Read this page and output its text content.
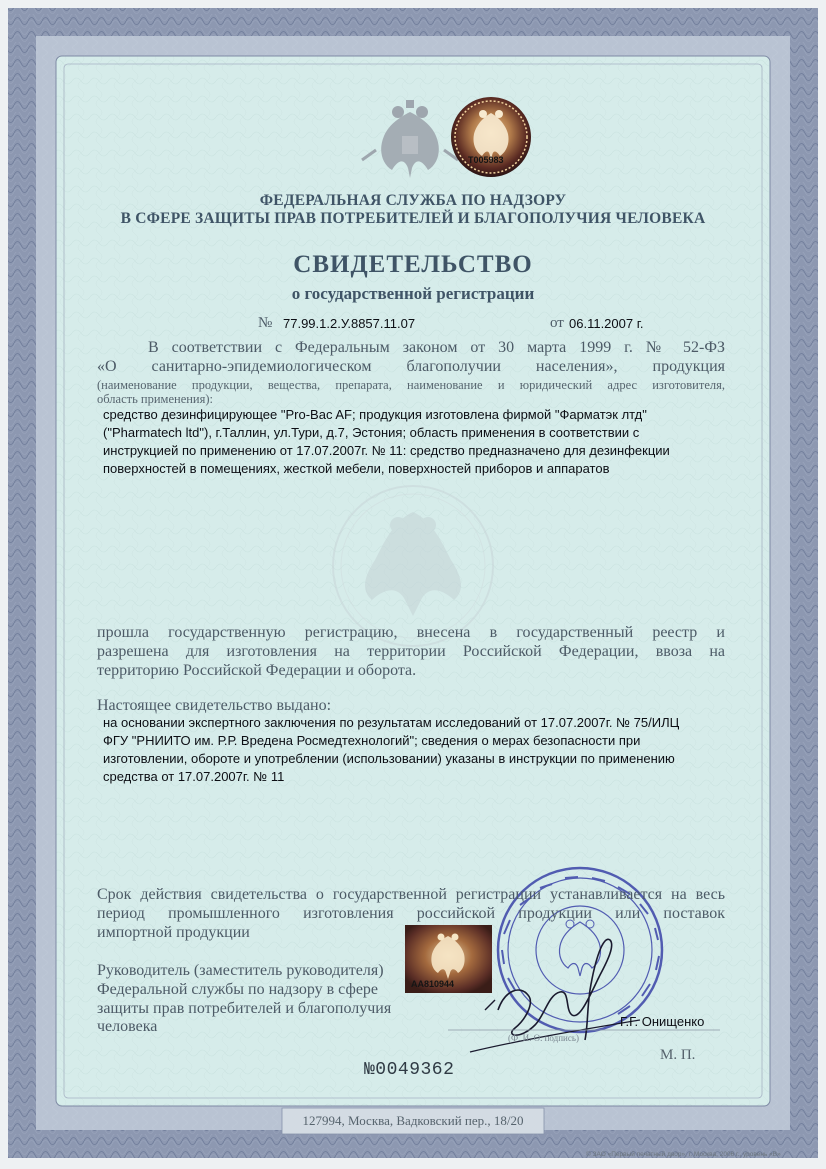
Т005983
АА810944
ФЕДЕРАЛЬНАЯ СЛУЖБА ПО НАДЗОРУ
В СФЕРЕ ЗАЩИТЫ ПРАВ ПОТРЕБИТЕЛЕЙ И БЛАГОПОЛУЧИЯ ЧЕЛОВЕКА
СВИДЕТЕЛЬСТВО
о государственной регистрации
№ 77.99.1.2.У.8857.11.07	от 06.11.2007 г.
В соответствии с Федеральным законом от 30 марта 1999 г. № 52-ФЗ
«О санитарно-эпидемиологическом благополучии населения», продукция
(наименование продукции, вещества, препарата, наименование и юридический адрес изготовителя,
область применения):
средство дезинфицирующее "Pro-Bac AF; продукция изготовлена фирмой "Фарматэк лтд"
("Pharmatech ltd"), г.Таллин, ул.Тури, д.7, Эстония; область применения в соответствии с
инструкцией по применению от 17.07.2007г. № 11: средство предназначено для дезинфекции
поверхностей в помещениях, жесткой мебели, поверхностей приборов и аппаратов
прошла государственную регистрацию, внесена в государственный реестр и
разрешена для изготовления на территории Российской Федерации, ввоза на
территорию Российской Федерации и оборота.
Настоящее свидетельство выдано:
на основании экспертного заключения по результатам исследований от 17.07.2007г. № 75/ИЛЦ
ФГУ "РНИИТО им. Р.Р. Вредена Росмедтехнологий"; сведения о мерах безопасности при
изготовлении, обороте и употреблении (использовании) указаны в инструкции по применению
средства от 17.07.2007г. № 11
Срок действия свидетельства о государственной регистрации устанавливается на весь
период промышленного изготовления российской продукции или поставок
импортной продукции
Руководитель (заместитель руководителя)
Федеральной службы по надзору в сфере
защиты прав потребителей и благополучия
человека	Г.Г. Онищенко
(Ф. И. О. подпись)
М. П.
№0049362
127994, Москва, Вадковский пер., 18/20
© ЗАО «Первый печатный двор», г. Москва, 2006 г., уровень «В»
